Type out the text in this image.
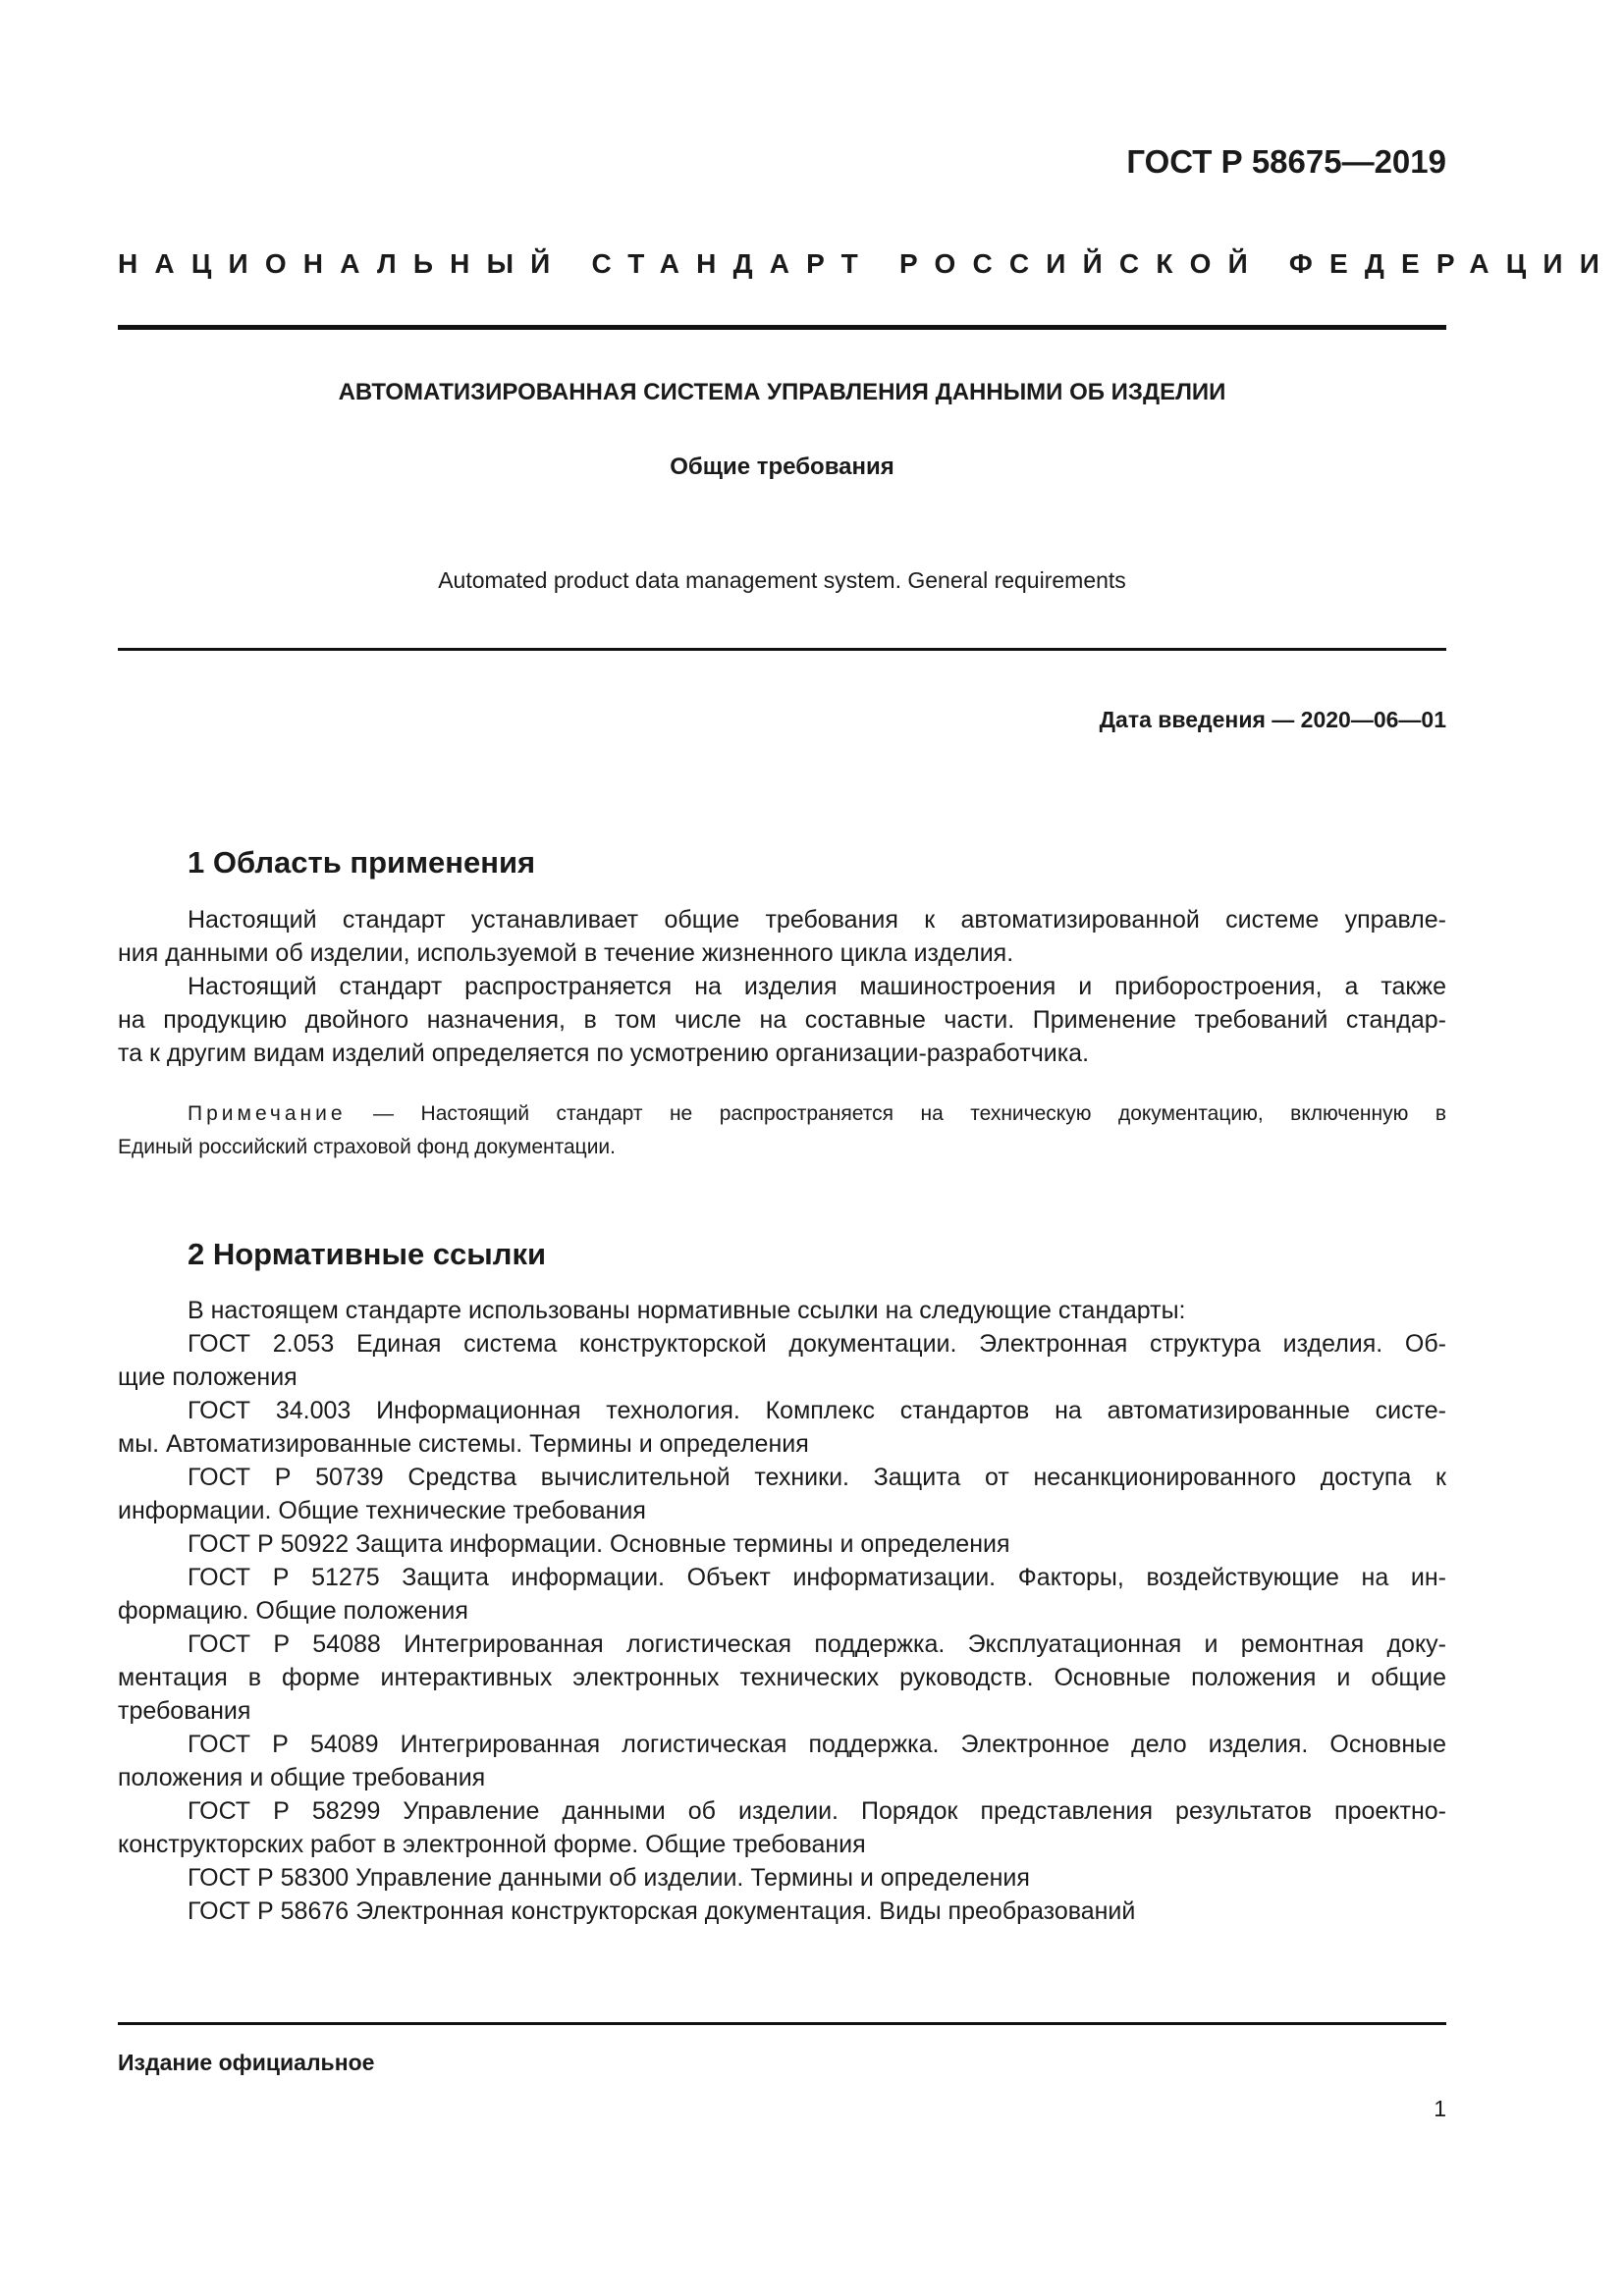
ГОСТ Р 58675—2019
НАЦИОНАЛЬНЫЙ СТАНДАРТ РОССИЙСКОЙ ФЕДЕРАЦИИ
АВТОМАТИЗИРОВАННАЯ СИСТЕМА УПРАВЛЕНИЯ ДАННЫМИ ОБ ИЗДЕЛИИ
Общие требования
Automated product data management system. General requirements
Дата введения — 2020—06—01
1 Область применения
Настоящий стандарт устанавливает общие требования к автоматизированной системе управле-
ния данными об изделии, используемой в течение жизненного цикла изделия.
Настоящий стандарт распространяется на изделия машиностроения и приборостроения, а также
на продукцию двойного назначения, в том числе на составные части. Применение требований стандар-
та к другим видам изделий определяется по усмотрению организации-разработчика.
Примечание — Настоящий стандарт не распространяется на техническую документацию, включенную в
Единый российский страховой фонд документации.
2 Нормативные ссылки
В настоящем стандарте использованы нормативные ссылки на следующие стандарты:
ГОСТ 2.053 Единая система конструкторской документации. Электронная структура изделия. Об-
щие положения
ГОСТ 34.003 Информационная технология. Комплекс стандартов на автоматизированные систе-
мы. Автоматизированные системы. Термины и определения
ГОСТ Р 50739 Средства вычислительной техники. Защита от несанкционированного доступа к
информации. Общие технические требования
ГОСТ Р 50922 Защита информации. Основные термины и определения
ГОСТ Р 51275 Защита информации. Объект информатизации. Факторы, воздействующие на ин-
формацию. Общие положения
ГОСТ Р 54088 Интегрированная логистическая поддержка. Эксплуатационная и ремонтная доку-
ментация в форме интерактивных электронных технических руководств. Основные положения и общие
требования
ГОСТ Р 54089 Интегрированная логистическая поддержка. Электронное дело изделия. Основные
положения и общие требования
ГОСТ Р 58299 Управление данными об изделии. Порядок представления результатов проектно-
конструкторских работ в электронной форме. Общие требования
ГОСТ Р 58300 Управление данными об изделии. Термины и определения
ГОСТ Р 58676 Электронная конструкторская документация. Виды преобразований
Издание официальное
1
